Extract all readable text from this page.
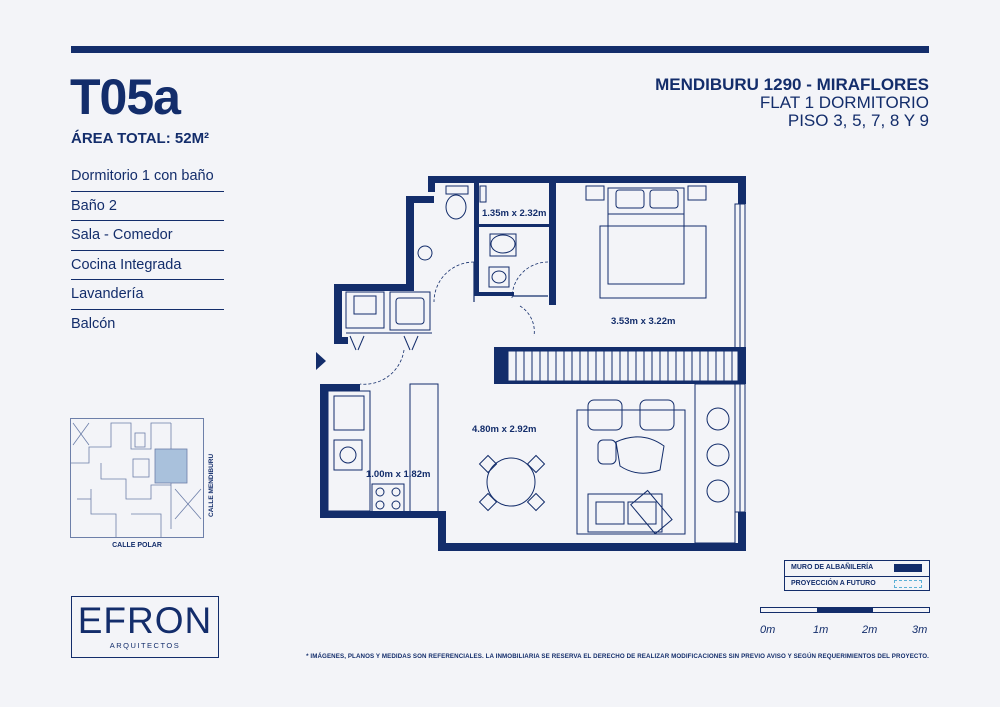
T05a
ÁREA TOTAL: 52M²
Dormitorio 1 con baño
Baño 2
Sala - Comedor
Cocina Integrada
Lavandería
Balcón
MENDIBURU 1290 - MIRAFLORES
FLAT 1 DORMITORIO
PISO 3, 5, 7, 8 Y 9
CALLE MENDIBURU
CALLE POLAR
1.35m x 2.32m
3.53m x 3.22m
4.80m x 2.92m
1.00m x 1.82m
EFRON
ARQUITECTOS
MURO DE ALBAÑILERÍA
PROYECCIÓN A FUTURO
0m	1m	2m	3m
* IMÁGENES, PLANOS Y MEDIDAS SON REFERENCIALES. LA INMOBILIARIA SE RESERVA EL DERECHO DE REALIZAR MODIFICACIONES SIN PREVIO AVISO Y SEGÚN REQUERIMIENTOS DEL PROYECTO.
